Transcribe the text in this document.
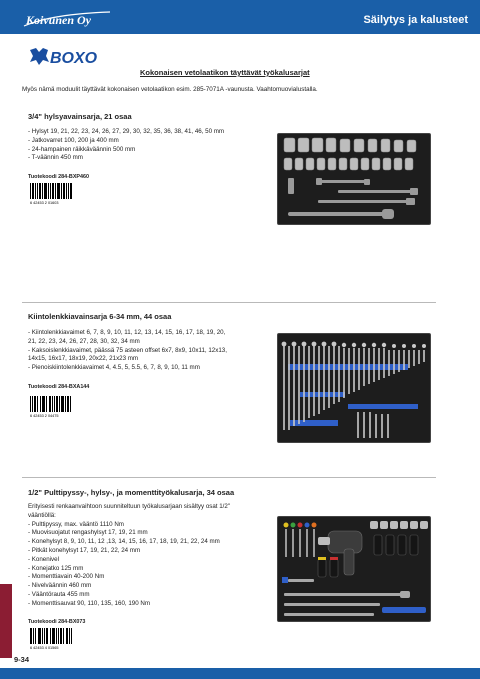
Koivunen Oy	Säilytys ja kalusteet
BOXO
Kokonaisen vetolaatikon täyttävät työkalusarjat
Myös nämä moduulit täyttävät kokonaisen vetolaatikon esim. 285-7071A -vaunusta. Vaahtomuovialustalla.
3/4" hylsyavainsarja, 21 osaa
- Hylsyt 19, 21, 22, 23, 24, 26, 27, 29, 30, 32, 35, 36, 38, 41, 46, 50 mm
- Jatkovarret 100, 200 ja 400 mm
- 24-hampainen räikkäväännin 500 mm
- T-väännin 450 mm
Tuotekoodi 284-BXP460
6 42453 2 01603
Kiintolenkkiavainsarja 6-34 mm, 44 osaa
- Kiintolenkkiavaimet 6, 7, 8, 9, 10, 11, 12, 13, 14, 15, 16, 17, 18, 19, 20,
21, 22, 23, 24, 26, 27, 28, 30, 32, 34 mm
- Kaksoislenkkiavaimet, päässä 75 asteen offset 6x7, 8x9, 10x11, 12x13,
14x15, 16x17, 18x19, 20x22, 21x23 mm
- Pienoiskiintolenkkiavaimet 4, 4.5, 5, 5.5, 6, 7, 8, 9, 10, 11 mm
Tuotekoodi 284-BXA144
6 42453 2 04475
1/2" Pulttipyssy-, hylsy-, ja momenttityökalusarja, 34 osaa
Erityisesti renkaanvaihtoon suunniteltuun työkalusarjaan sisältyy osat 1/2"
vääntiöllä:
- Pulttipyssy, max. vääntö 1110 Nm
- Muovisuojatut rengashylsyt 17, 19, 21 mm
- Konehylsyt 8, 9, 10, 11, 12 ,13, 14, 15, 16, 17, 18, 19, 21, 22, 24 mm
- Pitkät konehylsyt 17, 19, 21, 22, 24 mm
- Konenivel
- Konejatko 125 mm
- Momenttiavain 40-200 Nm
- Nivelväännin 460 mm
- Vääntörauta 455 mm
- Momenttisauvat 90, 110, 135, 160, 190 Nm
Tuotekoodi 284-BX073
6 42453 4 01565
9-34
